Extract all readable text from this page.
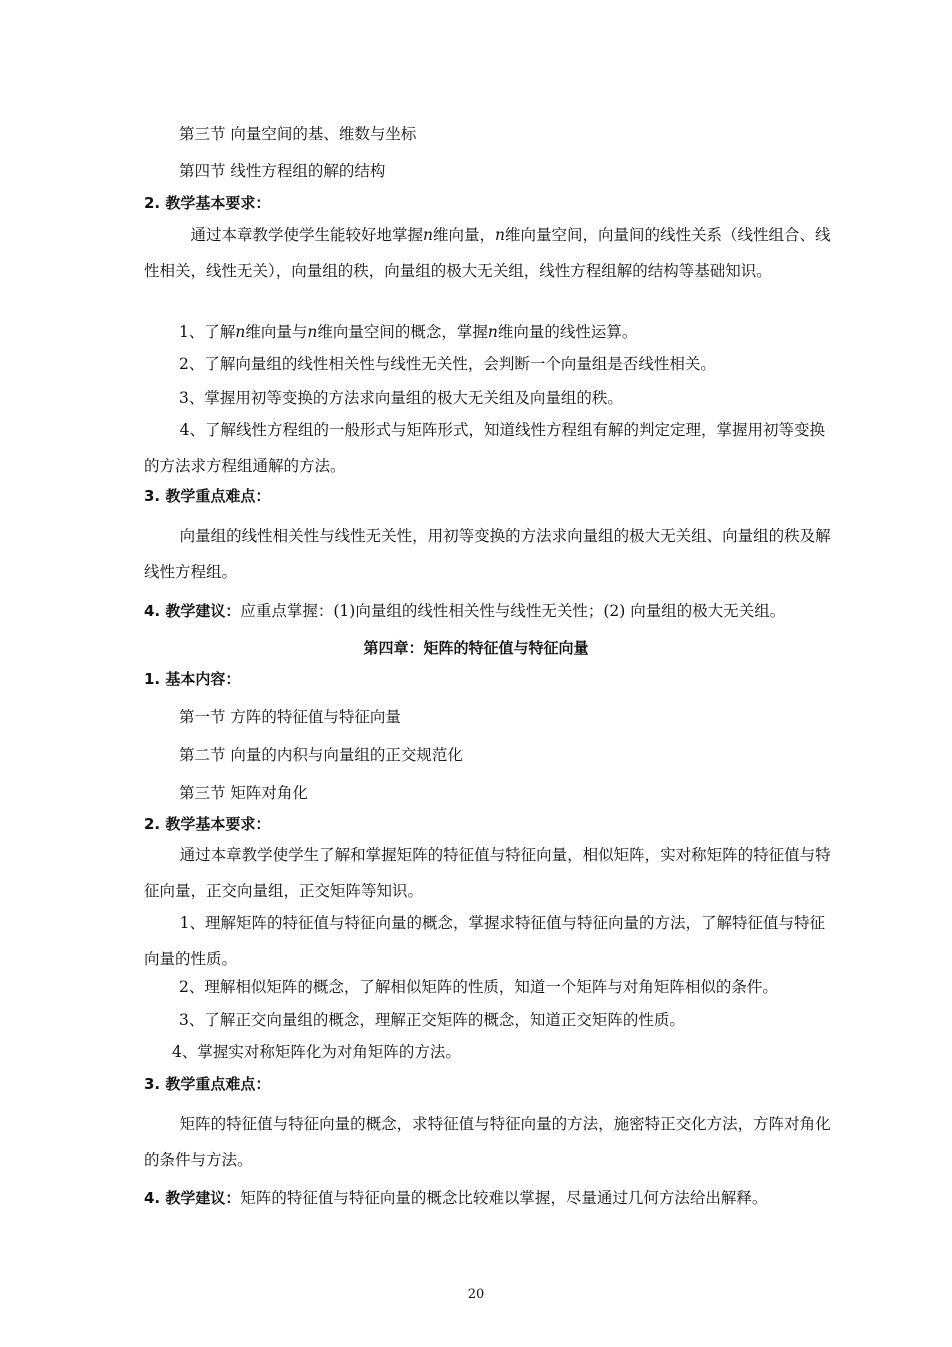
第三节 向量空间的基、维数与坐标
第四节 线性方程组的解的结构
2. 教学基本要求：
通过本章教学使学生能较好地掌握n维向量，n维向量空间，向量间的线性关系（线性组合、线性相关，线性无关），向量组的秩，向量组的极大无关组，线性方程组解的结构等基础知识。
1、了解n维向量与n维向量空间的概念，掌握n维向量的线性运算。
2、了解向量组的线性相关性与线性无关性，会判断一个向量组是否线性相关。
3、掌握用初等变换的方法求向量组的极大无关组及向量组的秩。
4、了解线性方程组的一般形式与矩阵形式，知道线性方程组有解的判定定理，掌握用初等变换的方法求方程组通解的方法。
3. 教学重点难点：
向量组的线性相关性与线性无关性，用初等变换的方法求向量组的极大无关组、向量组的秩及解线性方程组。
4. 教学建议：应重点掌握：(1)向量组的线性相关性与线性无关性；(2) 向量组的极大无关组。
第四章：矩阵的特征值与特征向量
1. 基本内容：
第一节 方阵的特征值与特征向量
第二节 向量的内积与向量组的正交规范化
第三节 矩阵对角化
2. 教学基本要求：
通过本章教学使学生了解和掌握矩阵的特征值与特征向量，相似矩阵，实对称矩阵的特征值与特征向量，正交向量组，正交矩阵等知识。
1、理解矩阵的特征值与特征向量的概念，掌握求特征值与特征向量的方法，了解特征值与特征向量的性质。
2、理解相似矩阵的概念，了解相似矩阵的性质，知道一个矩阵与对角矩阵相似的条件。
3、了解正交向量组的概念，理解正交矩阵的概念，知道正交矩阵的性质。
4、掌握实对称矩阵化为对角矩阵的方法。
3. 教学重点难点：
矩阵的特征值与特征向量的概念，求特征值与特征向量的方法，施密特正交化方法，方阵对角化的条件与方法。
4. 教学建议：矩阵的特征值与特征向量的概念比较难以掌握，尽量通过几何方法给出解释。
20
